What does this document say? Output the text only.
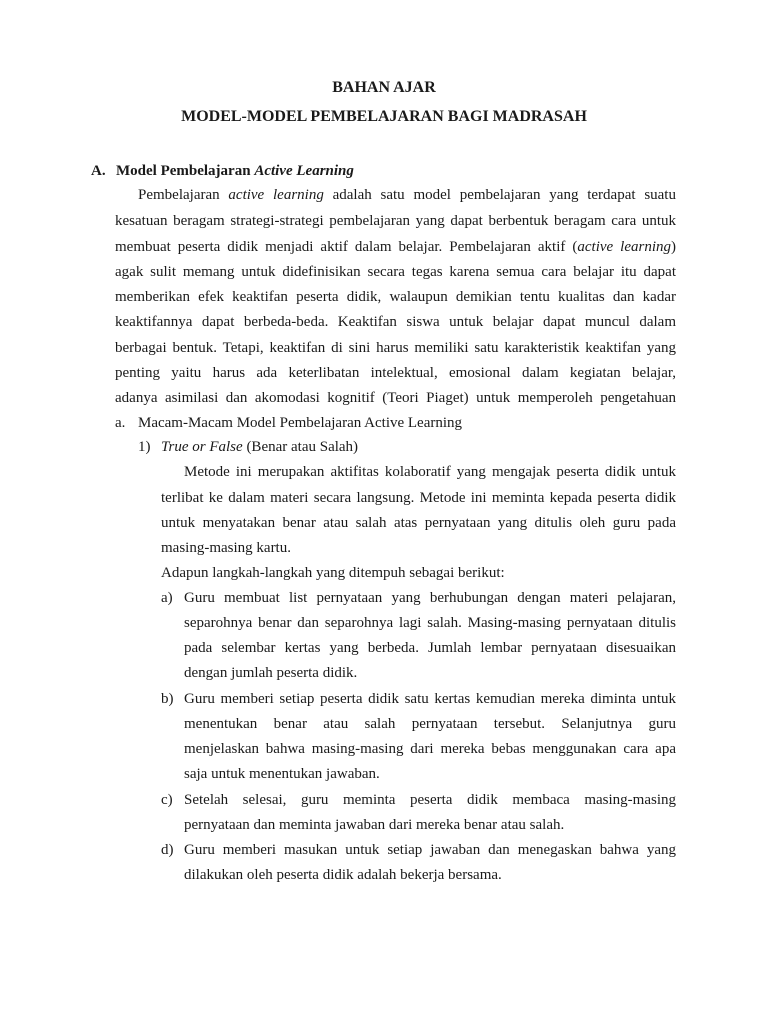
BAHAN AJAR
MODEL-MODEL PEMBELAJARAN BAGI MADRASAH
A. Model Pembelajaran Active Learning
Pembelajaran active learning adalah satu model pembelajaran yang terdapat suatu
kesatuan beragam strategi-strategi pembelajaran yang dapat berbentuk beragam cara untuk
membuat peserta didik menjadi aktif dalam belajar. Pembelajaran aktif (active learning)
agak sulit memang untuk didefinisikan secara tegas karena semua cara belajar itu dapat
memberikan efek keaktifan peserta didik, walaupun demikian tentu kualitas dan kadar
keaktifannya dapat berbeda-beda. Keaktifan siswa untuk belajar dapat muncul dalam
berbagai bentuk. Tetapi, keaktifan di sini harus memiliki satu karakteristik keaktifan yang
penting yaitu harus ada keterlibatan intelektual, emosional dalam kegiatan belajar,
adanya asimilasi dan akomodasi kognitif (Teori Piaget) untuk memperoleh pengetahuan
a. Macam-Macam Model Pembelajaran Active Learning
1) True or False (Benar atau Salah)
Metode ini merupakan aktifitas kolaboratif yang mengajak peserta didik untuk
terlibat ke dalam materi secara langsung. Metode ini meminta kepada peserta didik
untuk menyatakan benar atau salah atas pernyataan yang ditulis oleh guru pada
masing-masing kartu.
Adapun langkah-langkah yang ditempuh sebagai berikut:
a) Guru membuat list pernyataan yang berhubungan dengan materi pelajaran,
separohnya benar dan separohnya lagi salah. Masing-masing pernyataan ditulis
pada selembar kertas yang berbeda. Jumlah lembar pernyataan disesuaikan
dengan jumlah peserta didik.
b) Guru memberi setiap peserta didik satu kertas kemudian mereka diminta untuk
menentukan benar atau salah pernyataan tersebut. Selanjutnya guru
menjelaskan bahwa masing-masing dari mereka bebas menggunakan cara apa
saja untuk menentukan jawaban.
c) Setelah selesai, guru meminta peserta didik membaca masing-masing
pernyataan dan meminta jawaban dari mereka benar atau salah.
d) Guru memberi masukan untuk setiap jawaban dan menegaskan bahwa yang
dilakukan oleh peserta didik adalah bekerja bersama.
